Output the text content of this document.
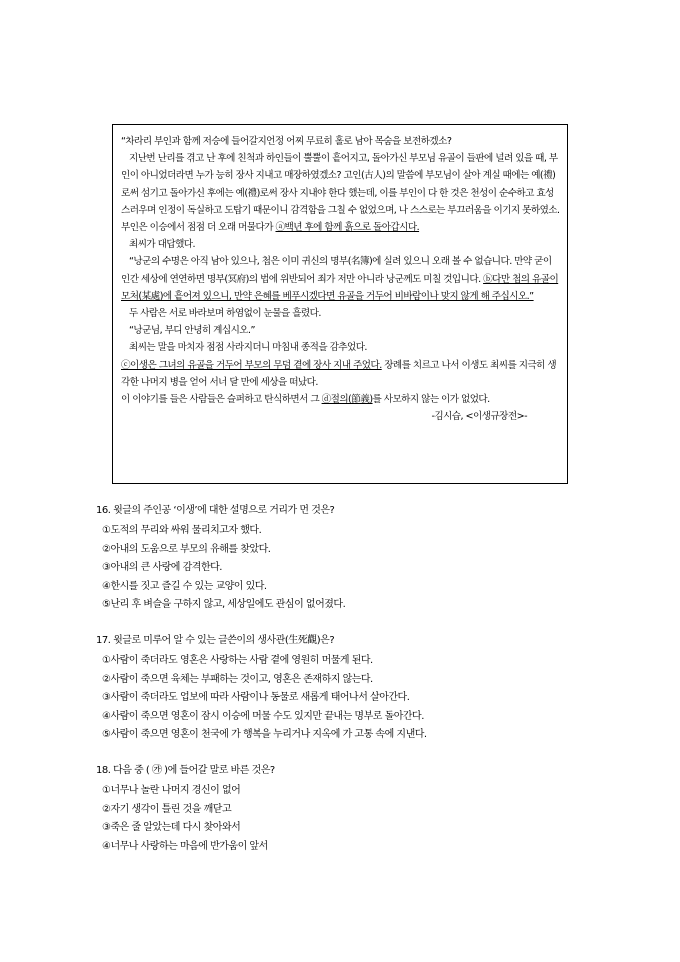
“차라리 부인과 함께 저승에 들어갈지언정 어찌 무료히 홀로 남아 목숨을 보전하겠소?

지난번 난리를 겪고 난 후에 친척과 하인들이 뿔뿔이 흩어지고, 돌아가신 부모님 유골이 들판에 널려 있을 때, 부인이 아니었더라면 누가 능히 장사 지내고 매장하였겠소? 고인(古人)의 말씀에 부모님이 살아 계실 때에는 예(禮)로써 섬기고 돌아가신 후에는 예(禮)로써 장사 지내야 한다 했는데, 이를 부인이 다 한 것은 천성이 순수하고 효성스러우며 인정이 독실하고 도탑기 때문이니 감격함을 그칠 수 없었으며, 나 스스로는 부끄러움을 이기지 못하였소. 부인은 이승에서 점점 더 오래 머물다가 ⓐ백년 후에 함께 흙으로 돌아갑시다.

최씨가 대답했다.

“낭군의 수명은 아직 남아 있으나, 첩은 이미 귀신의 명부(名簿)에 실려 있으니 오래 볼 수 없습니다. 만약 굳이 인간 세상에 연연하면 명부(冥府)의 법에 위반되어 죄가 저만 아니라 낭군께도 미칠 것입니다. ⓑ다만 첩의 유골이 모처(某處)에 흩어져 있으니, 만약 은혜를 베푸시겠다면 유골을 거두어 비바람이나 맞지 않게 해 주십시오.”

두 사람은 서로 바라보며 하염없이 눈물을 흘렸다.

“낭군님, 부디 안녕히 계십시오.”

최씨는 말을 마치자 점점 사라지더니 마침내 종적을 감추었다.

ⓒ이생은 그녀의 유골을 거두어 부모의 무덤 곁에 장사 지내 주었다. 장례를 치르고 나서 이생도 최씨를 지극히 생각한 나머지 병을 얻어 서너 달 만에 세상을 떠났다.

이 이야기를 들은 사람들은 슬퍼하고 탄식하면서 그 ⓓ절의(節義)를 사모하지 않는 이가 없었다.

-김시습, <이생규장전>-

16. 윗글의 주인공 ‘이생’에 대한 설명으로 거리가 먼 것은?
①도적의 무리와 싸워 물리치고자 했다.
②아내의 도움으로 부모의 유해를 찾았다.
③아내의 큰 사랑에 감격한다.
④한시를 짓고 즐길 수 있는 교양이 있다.
⑤난리 후 벼슬을 구하지 않고, 세상일에도 관심이 없어졌다.
17. 윗글로 미루어 알 수 있는 글쓴이의 생사관(生死觀)은?
①사람이 죽더라도 영혼은 사랑하는 사람 곁에 영원히 머물게 된다.
②사람이 죽으면 육체는 부패하는 것이고, 영혼은 존재하지 않는다.
③사람이 죽더라도 업보에 따라 사람이나 동물로 새롭게 태어나서 살아간다.
④사람이 죽으면 영혼이 잠시 이승에 머물 수도 있지만 끝내는 명부로 돌아간다.
⑤사람이 죽으면 영혼이 천국에 가 행복을 누리거나 지옥에 가 고통 속에 지낸다.
18. 다음 중 ( ㉮ )에 들어갈 말로 바른 것은?
①너무나 놀란 나머지 경신이 없어
②자기 생각이 틀린 것을 깨닫고
③죽은 줄 알았는데 다시 찾아와서
④너무나 사랑하는 마음에 반가움이 앞서
